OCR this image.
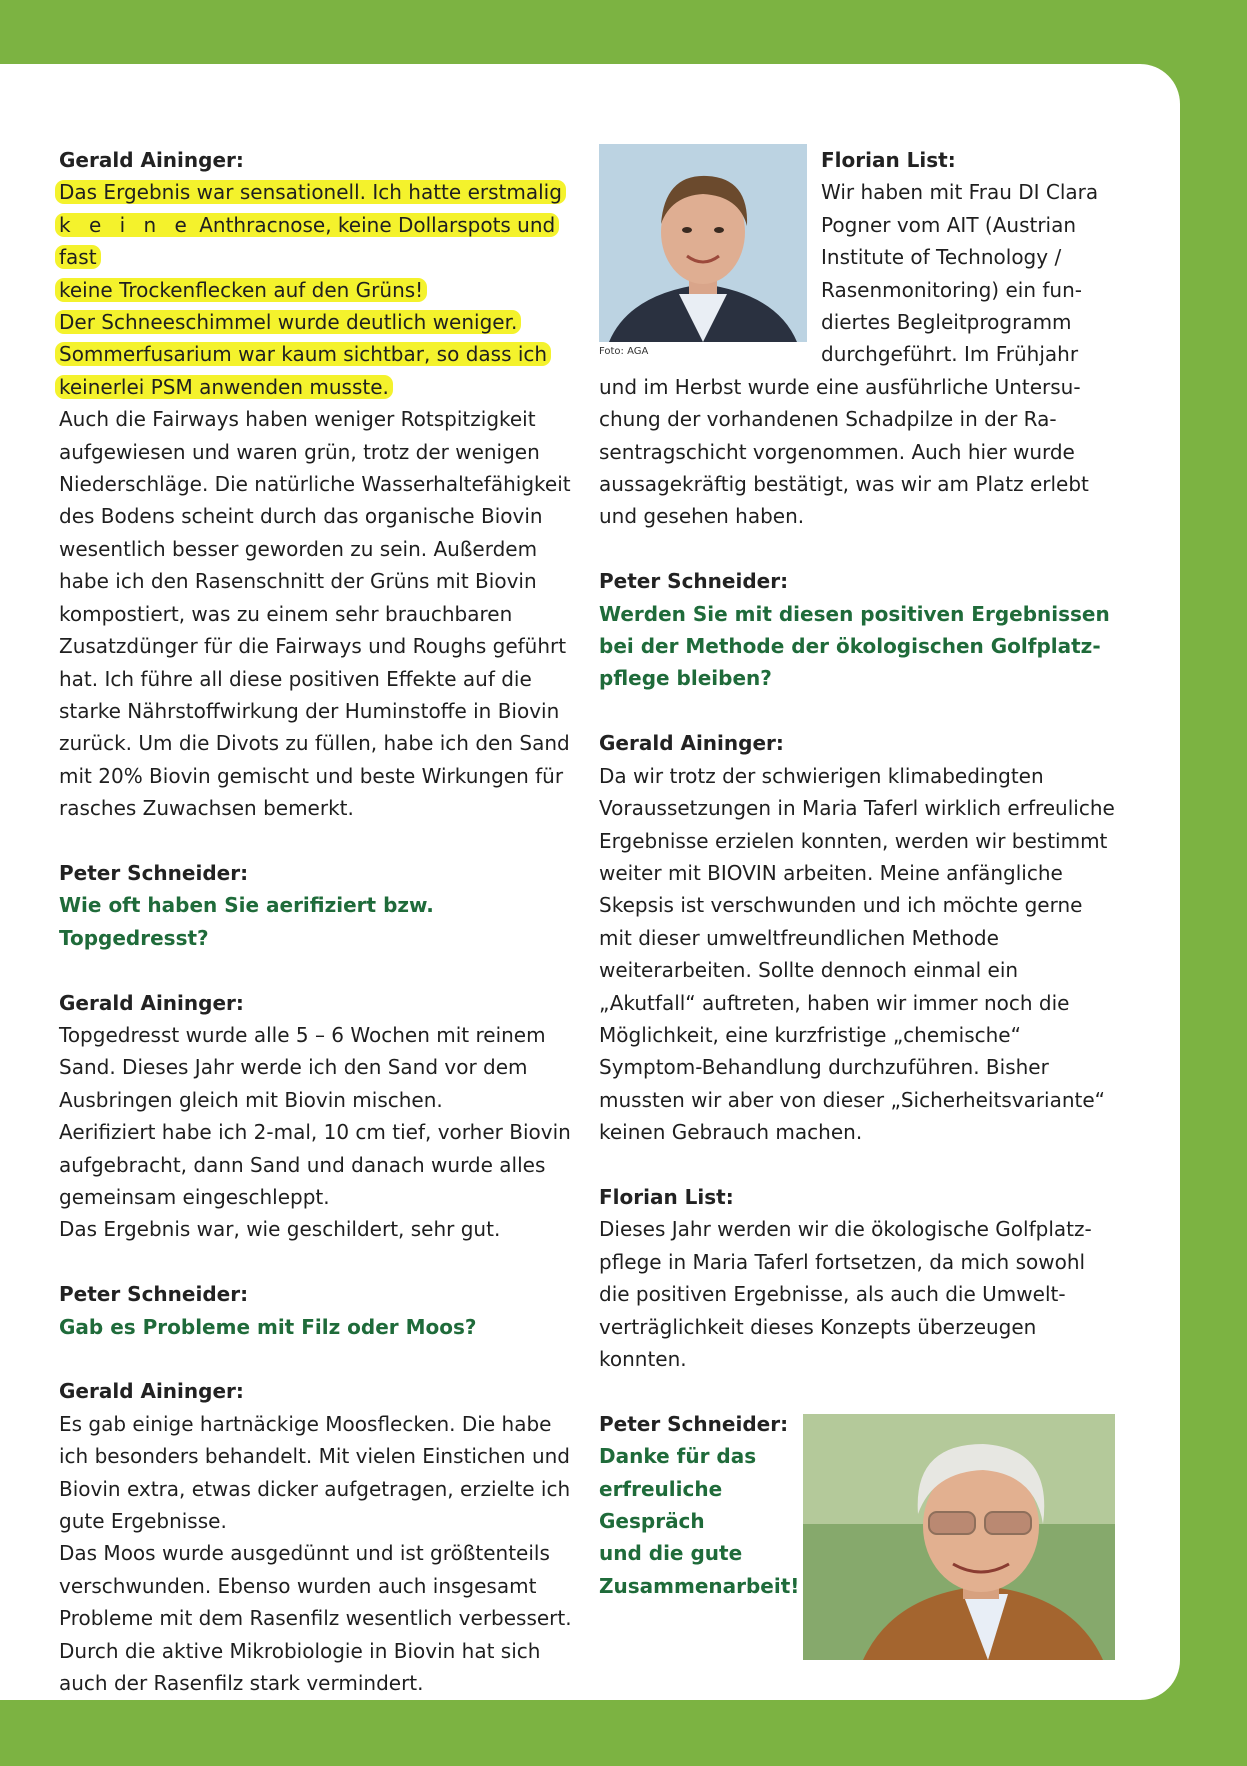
Gerald Aininger:

Das Ergebnis war sensationell. Ich hatte erstmalig
k e i n e Anthracnose, keine Dollarspots und fast
keine Trockenflecken auf den Grüns!
Der Schneeschimmel wurde deutlich weniger.
Sommerfusarium war kaum sichtbar, so dass ich
keinerlei PSM anwenden musste.

Auch die Fairways haben weniger Rotspitzigkeit aufgewiesen und waren grün, trotz der wenigen Niederschläge. Die natürliche Wasserhaltefähigkeit des Bodens scheint durch das organische Biovin wesentlich besser geworden zu sein. Außerdem habe ich den Rasenschnitt der Grüns mit Biovin kompostiert, was zu einem sehr brauchbaren Zusatzdünger für die Fairways und Roughs geführt hat. Ich führe all diese positiven Effekte auf die starke Nährstoffwirkung der Huminstoffe in Biovin zurück. Um die Divots zu füllen, habe ich den Sand mit 20% Biovin gemischt und beste Wirkungen für rasches Zuwachsen bemerkt.

Peter Schneider:

Wie oft haben Sie aerifiziert bzw. Topgedresst?

Gerald Aininger:

Topgedresst wurde alle 5 – 6 Wochen mit reinem Sand. Dieses Jahr werde ich den Sand vor dem Ausbringen gleich mit Biovin mischen.

Aerifiziert habe ich 2-mal, 10 cm tief, vorher Biovin aufgebracht, dann Sand und danach wurde alles gemeinsam eingeschleppt.

Das Ergebnis war, wie geschildert, sehr gut.

Peter Schneider:

Gab es Probleme mit Filz oder Moos?

Gerald Aininger:

Es gab einige hartnäckige Moosflecken. Die habe ich besonders behandelt. Mit vielen Einstichen und Biovin extra, etwas dicker aufgetragen, erzielte ich gute Ergebnisse.

Das Moos wurde ausgedünnt und ist größtenteils verschwunden. Ebenso wurden auch insgesamt Probleme mit dem Rasenfilz wesentlich verbessert. Durch die aktive Mikrobiologie in Biovin hat sich auch der Rasenfilz stark vermindert.

Foto: AGA

Florian List:

Wir haben mit Frau DI Clara Pogner vom AIT (Austrian Institute of Technology / Rasenmonitoring) ein fundiertes Begleitprogramm durchgeführt. Im Frühjahr und im Herbst wurde eine ausführliche Untersuchung der vorhandenen Schadpilze in der Rasentragschicht vorgenommen. Auch hier wurde aussagekräftig bestätigt, was wir am Platz erlebt und gesehen haben.

Peter Schneider:

Werden Sie mit diesen positiven Ergebnissen bei der Methode der ökologischen Golfplatzpflege bleiben?

Gerald Aininger:

Da wir trotz der schwierigen klimabedingten Voraussetzungen in Maria Taferl wirklich erfreuliche Ergebnisse erzielen konnten, werden wir bestimmt weiter mit BIOVIN arbeiten. Meine anfängliche Skepsis ist verschwunden und ich möchte gerne mit dieser umweltfreundlichen Methode weiterarbeiten. Sollte dennoch einmal ein „Akutfall“ auftreten, haben wir immer noch die Möglichkeit, eine kurzfristige „chemische“ Symptom-Behandlung durchzuführen. Bisher mussten wir aber von dieser „Sicherheitsvariante“ keinen Gebrauch machen.

Florian List:

Dieses Jahr werden wir die ökologische Golfplatzpflege in Maria Taferl fortsetzen, da mich sowohl die positiven Ergebnisse, als auch die Umweltverträglichkeit dieses Konzepts überzeugen konnten.

Peter Schneider:

Danke für das
erfreuliche
Gespräch
und die gute
Zusammenarbeit!
